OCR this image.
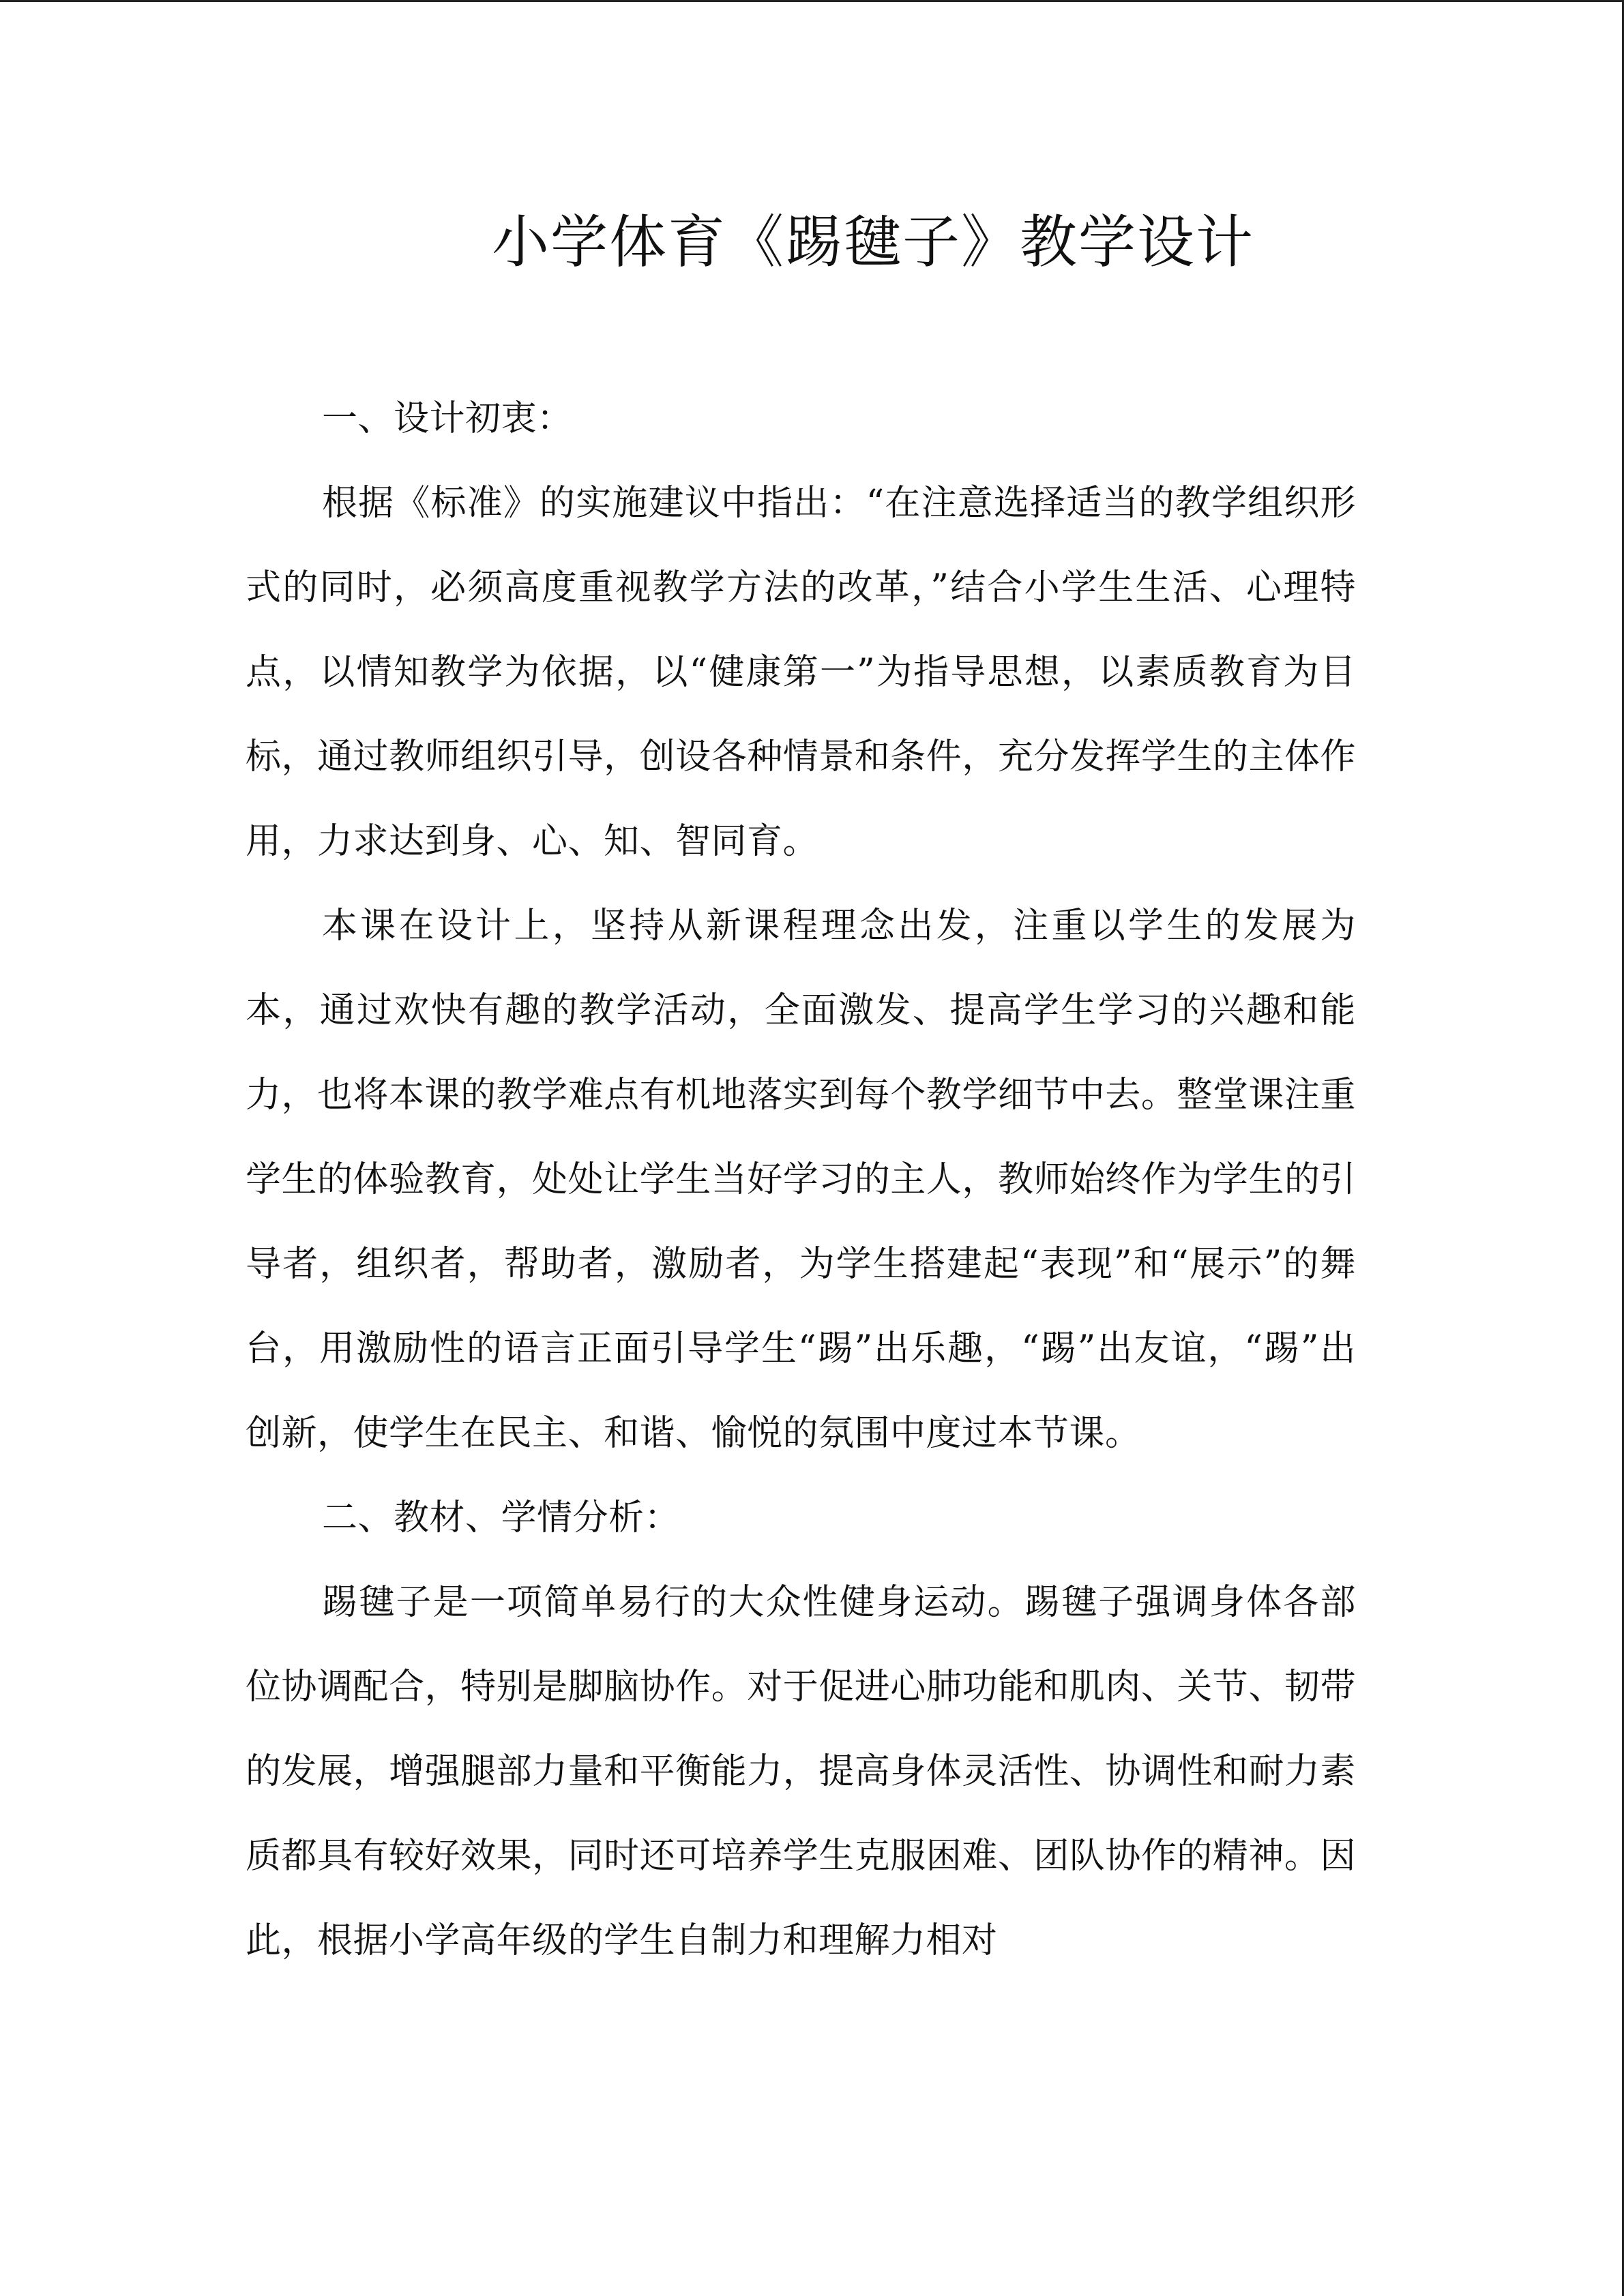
小学体育《踢毽子》教学设计

一、设计初衷：

根据《标准》的实施建议中指出：“在注意选择适当的教学组织形式的同时，必须高度重视教学方法的改革，”结合小学生生活、心理特点，以情知教学为依据，以“健康第一”为指导思想，以素质教育为目标，通过教师组织引导，创设各种情景和条件，充分发挥学生的主体作用，力求达到身、心、知、智同育。

本课在设计上，坚持从新课程理念出发，注重以学生的发展为本，通过欢快有趣的教学活动，全面激发、提高学生学习的兴趣和能力，也将本课的教学难点有机地落实到每个教学细节中去。整堂课注重学生的体验教育，处处让学生当好学习的主人，教师始终作为学生的引导者，组织者，帮助者，激励者，为学生搭建起“表现”和“展示”的舞台，用激励性的语言正面引导学生“踢”出乐趣，“踢”出友谊，“踢”出创新，使学生在民主、和谐、愉悦的氛围中度过本节课。

二、教材、学情分析：

踢毽子是一项简单易行的大众性健身运动。踢毽子强调身体各部位协调配合，特别是脚脑协作。对于促进心肺功能和肌肉、关节、韧带的发展，增强腿部力量和平衡能力，提高身体灵活性、协调性和耐力素质都具有较好效果，同时还可培养学生克服困难、团队协作的精神。因此，根据小学高年级的学生自制力和理解力相对
